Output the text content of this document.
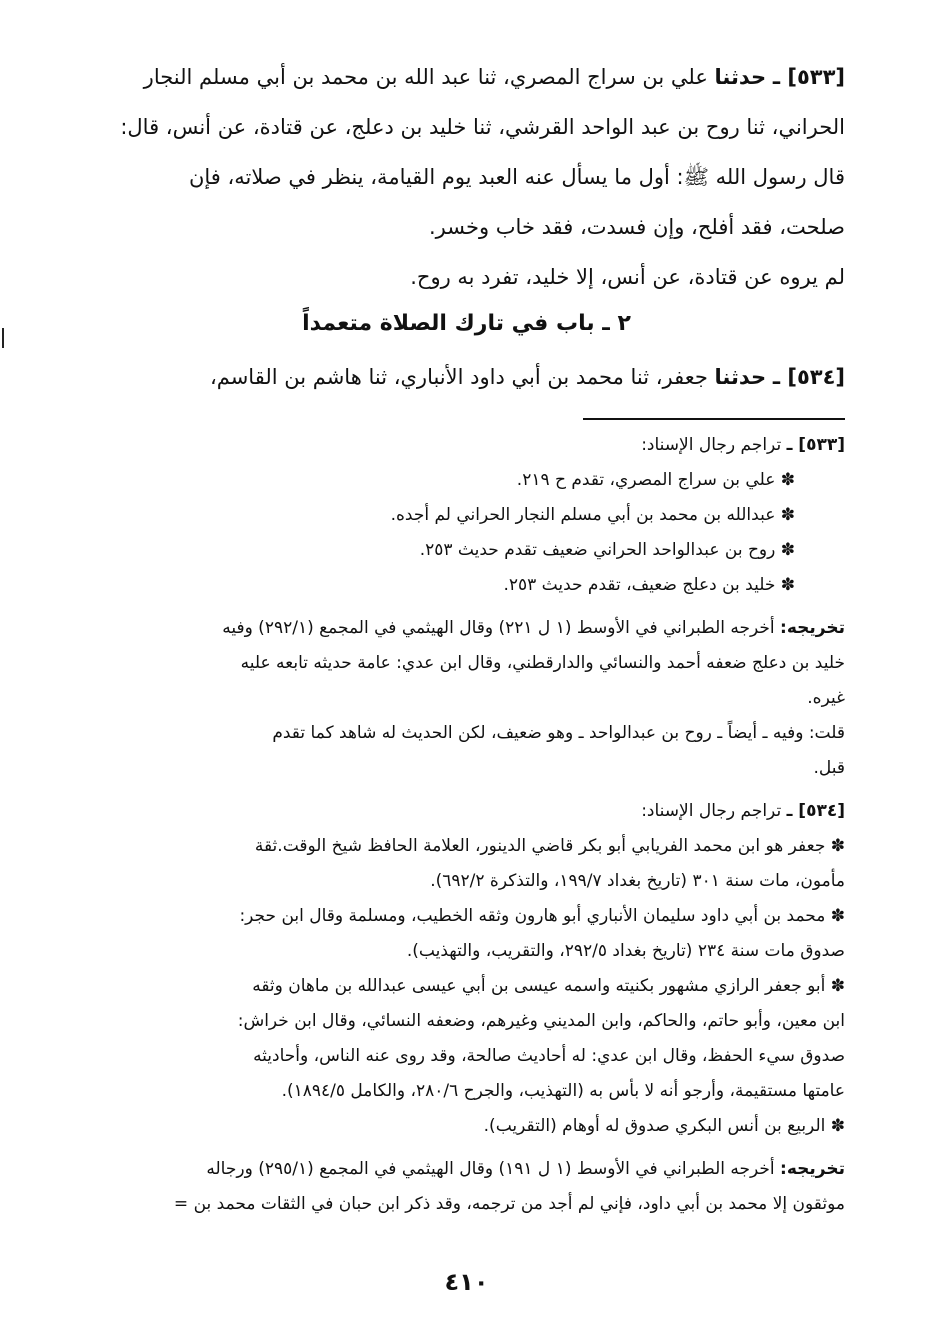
[٥٣٣] ـ حدثنا علي بن سراج المصري، ثنا عبد الله بن محمد بن أبي مسلم النجار
الحراني، ثنا روح بن عبد الواحد القرشي، ثنا خليد بن دعلج، عن قتادة، عن أنس، قال:
قال رسول الله ﷺ: أول ما يسأل عنه العبد يوم القيامة، ينظر في صلاته، فإن
صلحت، فقد أفلح، وإن فسدت، فقد خاب وخسر.
لم يروه عن قتادة، عن أنس، إلا خليد، تفرد به روح.
٢ ـ باب في تارك الصلاة متعمداً
[٥٣٤] ـ حدثنا جعفر، ثنا محمد بن أبي داود الأنباري، ثنا هاشم بن القاسم،
[٥٣٣] ـ تراجم رجال الإسناد:
✽ علي بن سراج المصري، تقدم ح ٢١٩.
✽ عبدالله بن محمد بن أبي مسلم النجار الحراني لم أجده.
✽ روح بن عبدالواحد الحراني ضعيف تقدم حديث ٢٥٣.
✽ خليد بن دعلج ضعيف، تقدم حديث ٢٥٣.
تخريجه: أخرجه الطبراني في الأوسط (١ ل ٢٢١) وقال الهيثمي في المجمع (٢٩٢/١) وفيه
خليد بن دعلج ضعفه أحمد والنسائي والدارقطني، وقال ابن عدي: عامة حديثه تابعه عليه
غيره.
قلت: وفيه ـ أيضاً ـ روح بن عبدالواحد ـ وهو ضعيف، لكن الحديث له شاهد كما تقدم
قبل.
[٥٣٤] ـ تراجم رجال الإسناد:
✽ جعفر هو ابن محمد الفريابي أبو بكر قاضي الدينور، العلامة الحافظ شيخ الوقت.ثقة
مأمون، مات سنة ٣٠١ (تاريخ بغداد ١٩٩/٧، والتذكرة ٦٩٢/٢).
✽ محمد بن أبي داود سليمان الأنباري أبو هارون وثقه الخطيب، ومسلمة وقال ابن حجر:
صدوق مات سنة ٢٣٤ (تاريخ بغداد ٢٩٢/٥، والتقريب، والتهذيب).
✽ أبو جعفر الرازي مشهور بكنيته واسمه عيسى بن أبي عيسى عبدالله بن ماهان وثقه
ابن معين، وأبو حاتم، والحاكم، وابن المديني وغيرهم، وضعفه النسائي، وقال ابن خراش:
صدوق سيء الحفظ، وقال ابن عدي: له أحاديث صالحة، وقد روى عنه الناس، وأحاديثه
عامتها مستقيمة، وأرجو أنه لا بأس به (التهذيب، والجرح ٢٨٠/٦، والكامل ١٨٩٤/٥).
✽ الربيع بن أنس البكري صدوق له أوهام (التقريب).
تخريجه: أخرجه الطبراني في الأوسط (١ ل ١٩١) وقال الهيثمي في المجمع (٢٩٥/١) ورجاله
موثقون إلا محمد بن أبي داود، فإني لم أجد من ترجمه، وقد ذكر ابن حبان في الثقات محمد بن =
٤١٠
